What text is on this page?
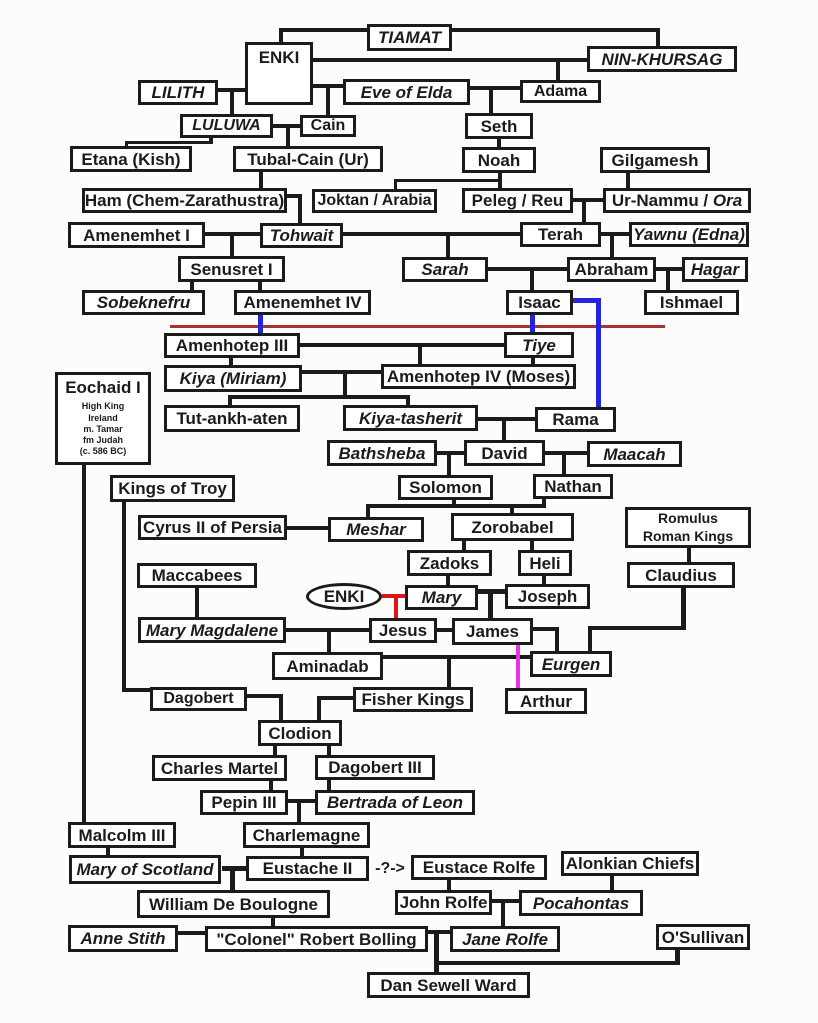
TIAMAT
ENKI	NIN-KHURSAG
LILITH	Eve of Elda	Adama
LULUWA	Cain	Seth
Etana (Kish)	Tubal-Cain (Ur)	Noah	Gilgamesh
Ham (Chem-Zarathustra)	Joktan / Arabia	Peleg / Reu	Ur-Nammu / Ora
Amenemhet I	Tohwait	Terah	Yawnu (Edna)
Senusret I	Sarah	Abraham	Hagar
Sobeknefru	Amenemhet IV	Isaac	Ishmael
Amenhotep III	Tiye
Kiya (Miriam)	Amenhotep IV (Moses)
Eochaid I
High King
Ireland
m. Tamar
fm Judah
(c. 586 BC)
Tut-ankh-aten	Kiya-tasherit	Rama
Bathsheba	David	Maacah
Kings of Troy	Solomon	Nathan
Romulus
Roman Kings
Cyrus II of Persia	Meshar	Zorobabel
Zadoks	Heli
Claudius
Maccabees
ENKI	Mary	Joseph
Mary Magdalene	Jesus	James
Eurgen
Aminadab
Dagobert	Fisher Kings	Arthur
Clodion
Charles Martel	Dagobert III
Pepin III	Bertrada of Leon
Malcolm III	Charlemagne
Mary of Scotland	Eustache II	-?->	Eustace Rolfe	Alonkian Chiefs
William De Boulogne	John Rolfe	Pocahontas
Anne Stith	"Colonel" Robert Bolling	Jane Rolfe	O'Sullivan
Dan Sewell Ward
